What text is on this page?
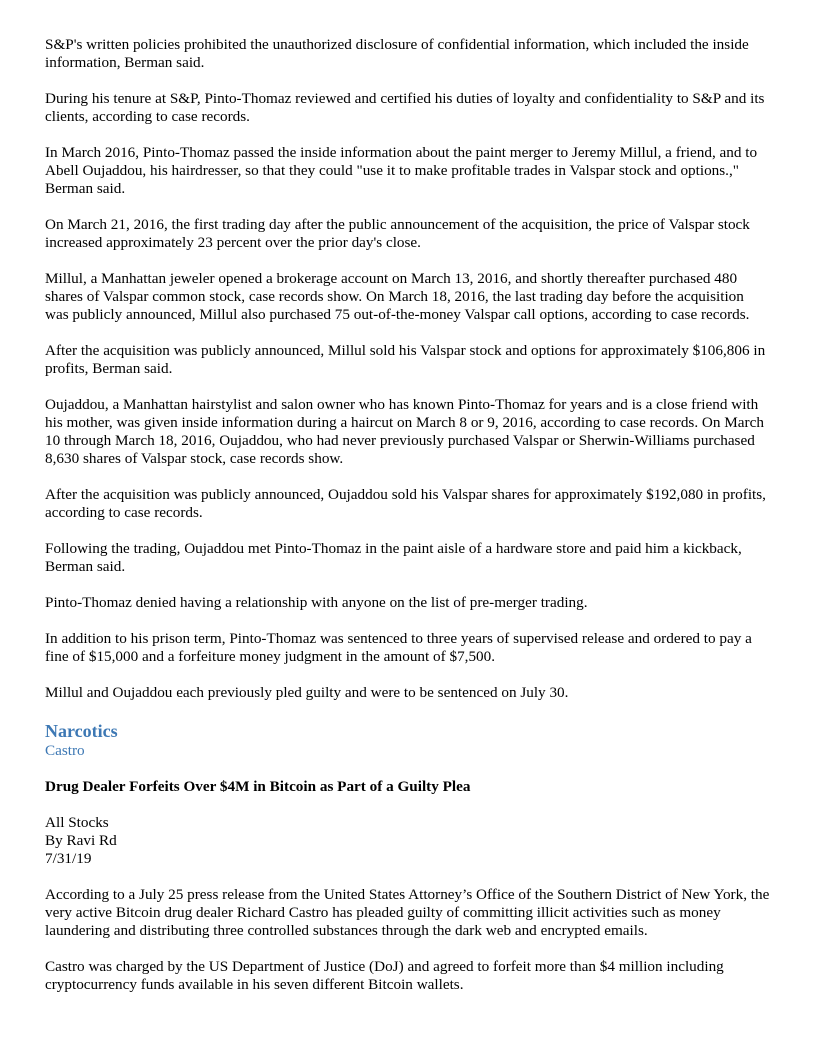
S&P's written policies prohibited the unauthorized disclosure of confidential information, which included the inside information, Berman said.

During his tenure at S&P, Pinto-Thomaz reviewed and certified his duties of loyalty and confidentiality to S&P and its clients, according to case records.

In March 2016, Pinto-Thomaz passed the inside information about the paint merger to Jeremy Millul, a friend, and to Abell Oujaddou, his hairdresser, so that they could "use it to make profitable trades in Valspar stock and options.," Berman said.

On March 21, 2016, the first trading day after the public announcement of the acquisition, the price of Valspar stock increased approximately 23 percent over the prior day's close.

Millul, a Manhattan jeweler opened a brokerage account on March 13, 2016, and shortly thereafter purchased 480 shares of Valspar common stock, case records show. On March 18, 2016, the last trading day before the acquisition was publicly announced, Millul also purchased 75 out-of-the-money Valspar call options, according to case records.

After the acquisition was publicly announced, Millul sold his Valspar stock and options for approximately $106,806 in profits, Berman said.

Oujaddou, a Manhattan hairstylist and salon owner who has known Pinto-Thomaz for years and is a close friend with his mother, was given inside information during a haircut on March 8 or 9, 2016, according to case records. On March 10 through March 18, 2016, Oujaddou, who had never previously purchased Valspar or Sherwin-Williams purchased 8,630 shares of Valspar stock, case records show.

After the acquisition was publicly announced, Oujaddou sold his Valspar shares for approximately $192,080 in profits, according to case records.

Following the trading, Oujaddou met Pinto-Thomaz in the paint aisle of a hardware store and paid him a kickback, Berman said.

Pinto-Thomaz denied having a relationship with anyone on the list of pre-merger trading.

In addition to his prison term, Pinto-Thomaz was sentenced to three years of supervised release and ordered to pay a fine of $15,000 and a forfeiture money judgment in the amount of $7,500.

Millul and Oujaddou each previously pled guilty and were to be sentenced on July 30.

Narcotics
Castro
Drug Dealer Forfeits Over $4M in Bitcoin as Part of a Guilty Plea
All Stocks
By Ravi Rd
7/31/19

According to a July 25 press release from the United States Attorney’s Office of the Southern District of New York, the very active Bitcoin drug dealer Richard Castro has pleaded guilty of committing illicit activities such as money laundering and distributing three controlled substances through the dark web and encrypted emails.

Castro was charged by the US Department of Justice (DoJ) and agreed to forfeit more than $4 million including cryptocurrency funds available in his seven different Bitcoin wallets.
